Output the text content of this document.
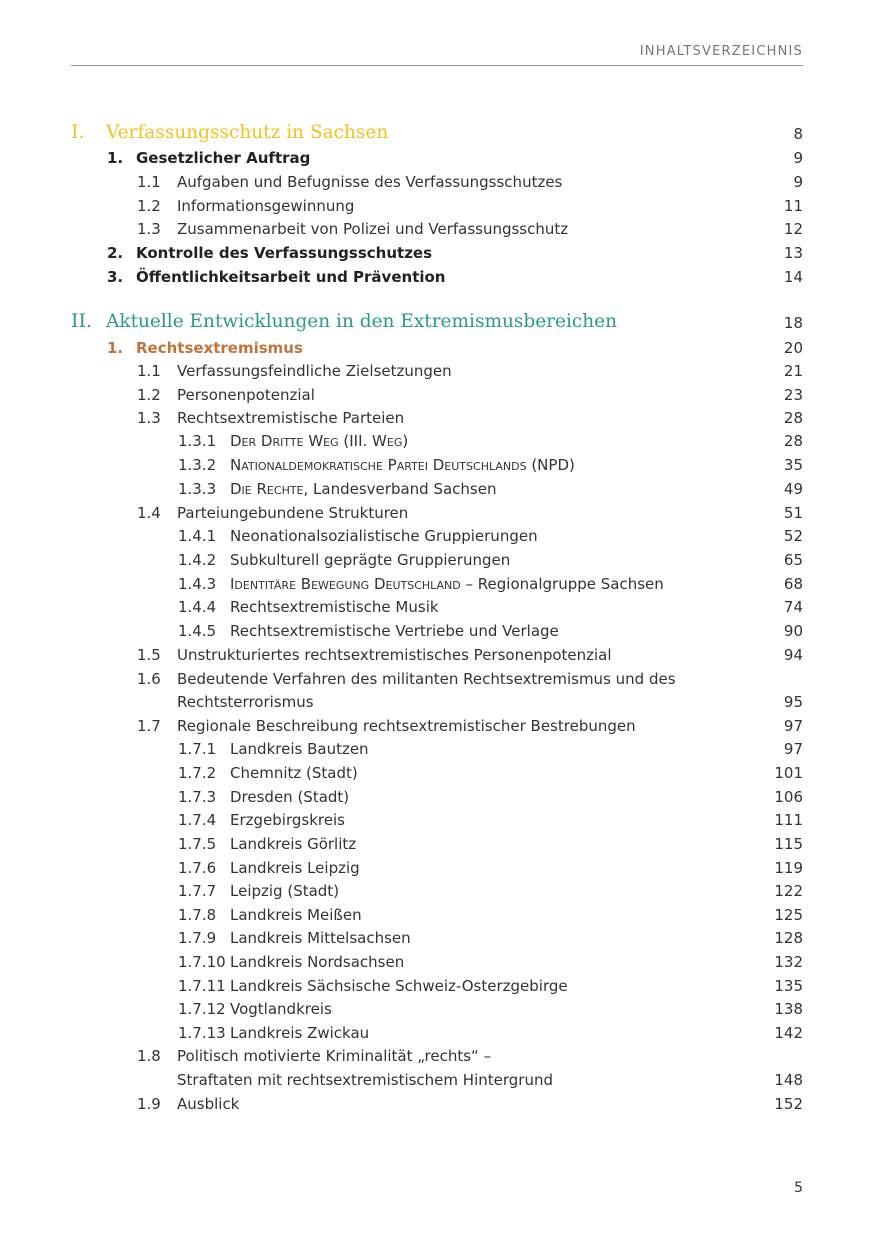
INHALTSVERZEICHNIS
I. Verfassungsschutz in Sachsen	8
1. Gesetzlicher Auftrag	9
1.1 Aufgaben und Befugnisse des Verfassungsschutzes	9
1.2 Informationsgewinnung	11
1.3 Zusammenarbeit von Polizei und Verfassungsschutz	12
2. Kontrolle des Verfassungsschutzes	13
3. Öffentlichkeitsarbeit und Prävention	14
II. Aktuelle Entwicklungen in den Extremismusbereichen	18
1. Rechtsextremismus	20
1.1 Verfassungsfeindliche Zielsetzungen	21
1.2 Personenpotenzial	23
1.3 Rechtsextremistische Parteien	28
1.3.1 Der Dritte Weg (III. Weg)	28
1.3.2 Nationaldemokratische Partei Deutschlands (NPD)	35
1.3.3 Die Rechte, Landesverband Sachsen	49
1.4 Parteiungebundene Strukturen	51
1.4.1 Neonationalsozialistische Gruppierungen	52
1.4.2 Subkulturell geprägte Gruppierungen	65
1.4.3 Identitäre Bewegung Deutschland – Regionalgruppe Sachsen	68
1.4.4 Rechtsextremistische Musik	74
1.4.5 Rechtsextremistische Vertriebe und Verlage	90
1.5 Unstrukturiertes rechtsextremistisches Personenpotenzial	94
1.6 Bedeutende Verfahren des militanten Rechtsextremismus und des
Rechtsterrorismus	95
1.7 Regionale Beschreibung rechtsextremistischer Bestrebungen	97
1.7.1 Landkreis Bautzen	97
1.7.2 Chemnitz (Stadt)	101
1.7.3 Dresden (Stadt)	106
1.7.4 Erzgebirgskreis	111
1.7.5 Landkreis Görlitz	115
1.7.6 Landkreis Leipzig	119
1.7.7 Leipzig (Stadt)	122
1.7.8 Landkreis Meißen	125
1.7.9 Landkreis Mittelsachsen	128
1.7.10 Landkreis Nordsachsen	132
1.7.11 Landkreis Sächsische Schweiz-Osterzgebirge	135
1.7.12 Vogtlandkreis	138
1.7.13 Landkreis Zwickau	142
1.8 Politisch motivierte Kriminalität „rechts“ –
Straftaten mit rechtsextremistischem Hintergrund	148
1.9 Ausblick	152
5
